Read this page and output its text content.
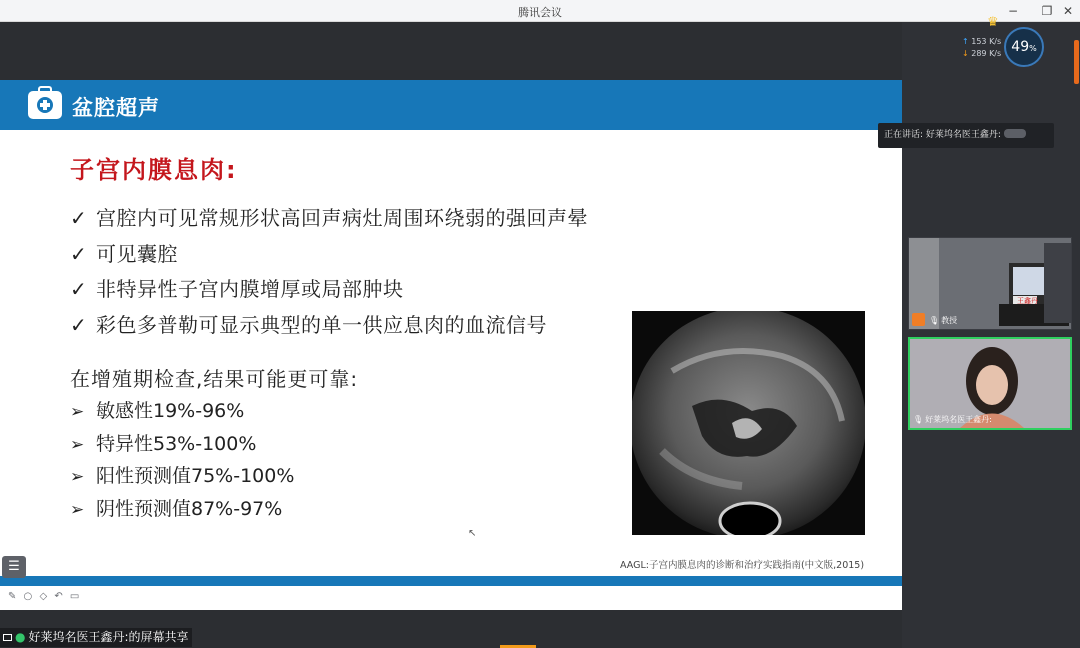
腾讯会议	−	❐ ✕
盆腔超声
子宫内膜息肉:
✓ 宫腔内可见常规形状高回声病灶周围环绕弱的强回声晕
✓ 可见囊腔
✓ 非特异性子宫内膜增厚或局部肿块
✓ 彩色多普勒可显示典型的单一供应息肉的血流信号
在增殖期检查,结果可能更可靠:
➢ 敏感性19%-96%
➢ 特异性53%-100%
➢ 阳性预测值75%-100%
➢ 阴性预测值87%-97%
AAGL:子宫内膜息肉的诊断和治疗实践指南(中文版,2015)
↖
☰
✎ ○ ◇ ↶ ▭
● 好莱坞名医王鑫丹:的屏幕共享
♛
↑ 153 K/s
↓ 289 K/s 49%
正在讲话: 好莱坞名医王鑫丹:
王鑫丹
🎙 教授
🎙 好莱坞名医王鑫丹:
